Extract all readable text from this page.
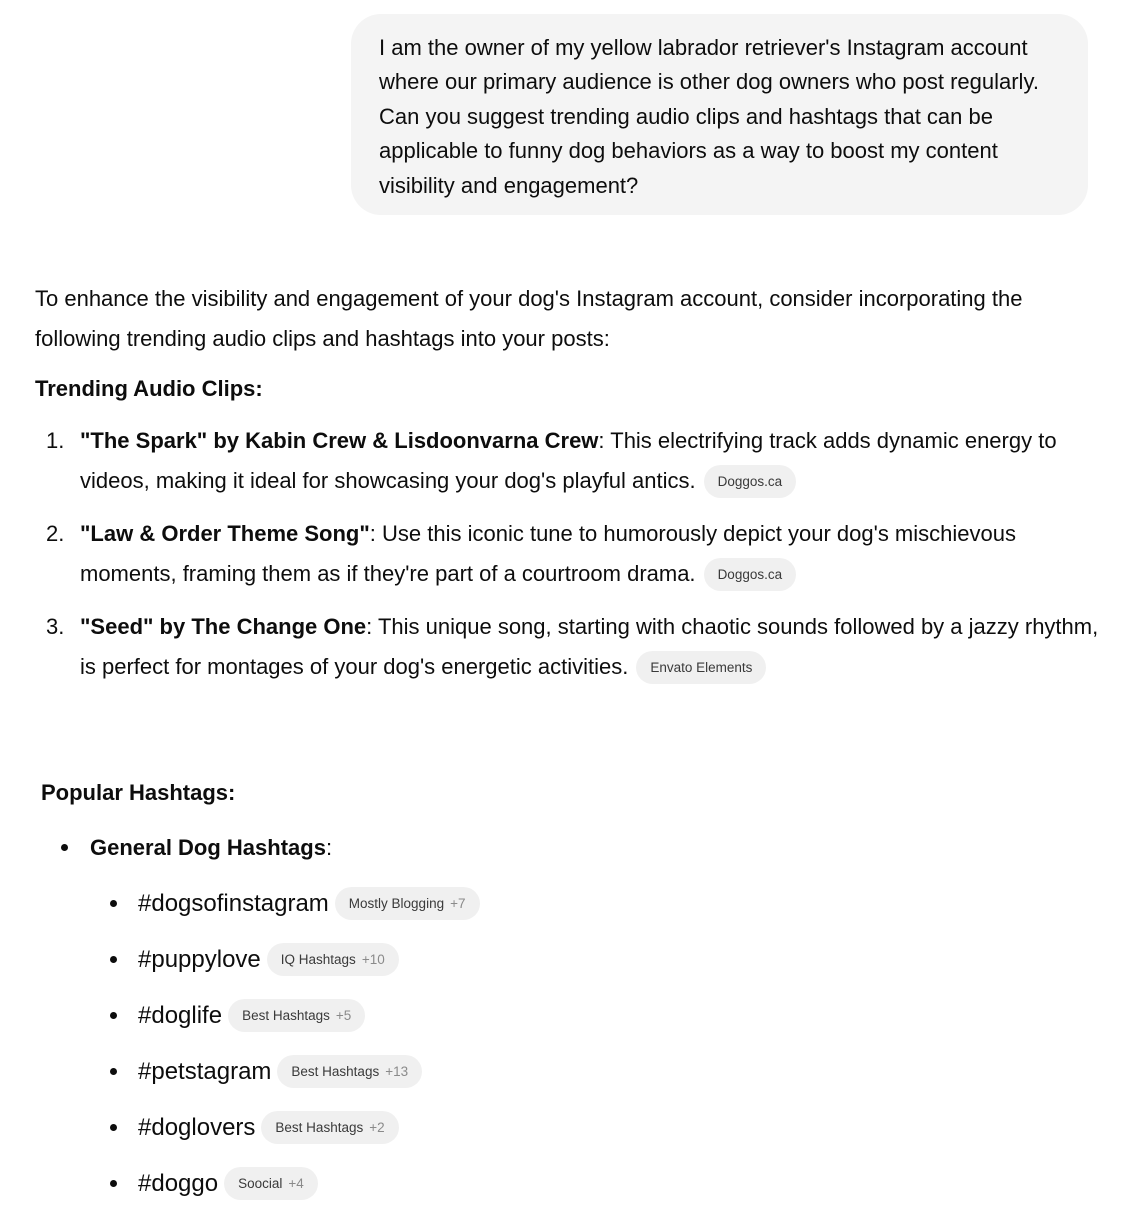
I am the owner of my yellow labrador retriever's Instagram account where our primary audience is other dog owners who post regularly. Can you suggest trending audio clips and hashtags that can be applicable to funny dog behaviors as a way to boost my content visibility and engagement?

To enhance the visibility and engagement of your dog's Instagram account, consider incorporating the following trending audio clips and hashtags into your posts:

Trending Audio Clips:
1. "The Spark" by Kabin Crew & Lisdoonvarna Crew: This electrifying track adds dynamic energy to videos, making it ideal for showcasing your dog's playful antics. Doggos.ca
2. "Law & Order Theme Song": Use this iconic tune to humorously depict your dog's mischievous moments, framing them as if they're part of a courtroom drama. Doggos.ca
3. "Seed" by The Change One: This unique song, starting with chaotic sounds followed by a jazzy rhythm, is perfect for montages of your dog's energetic activities. Envato Elements
Popular Hashtags:
General Dog Hashtags:
#dogsofinstagram Mostly Blogging +7
#puppylove IQ Hashtags +10
#doglife Best Hashtags +5
#petstagram Best Hashtags +13
#doglovers Best Hashtags +2
#doggo Soocial +4
